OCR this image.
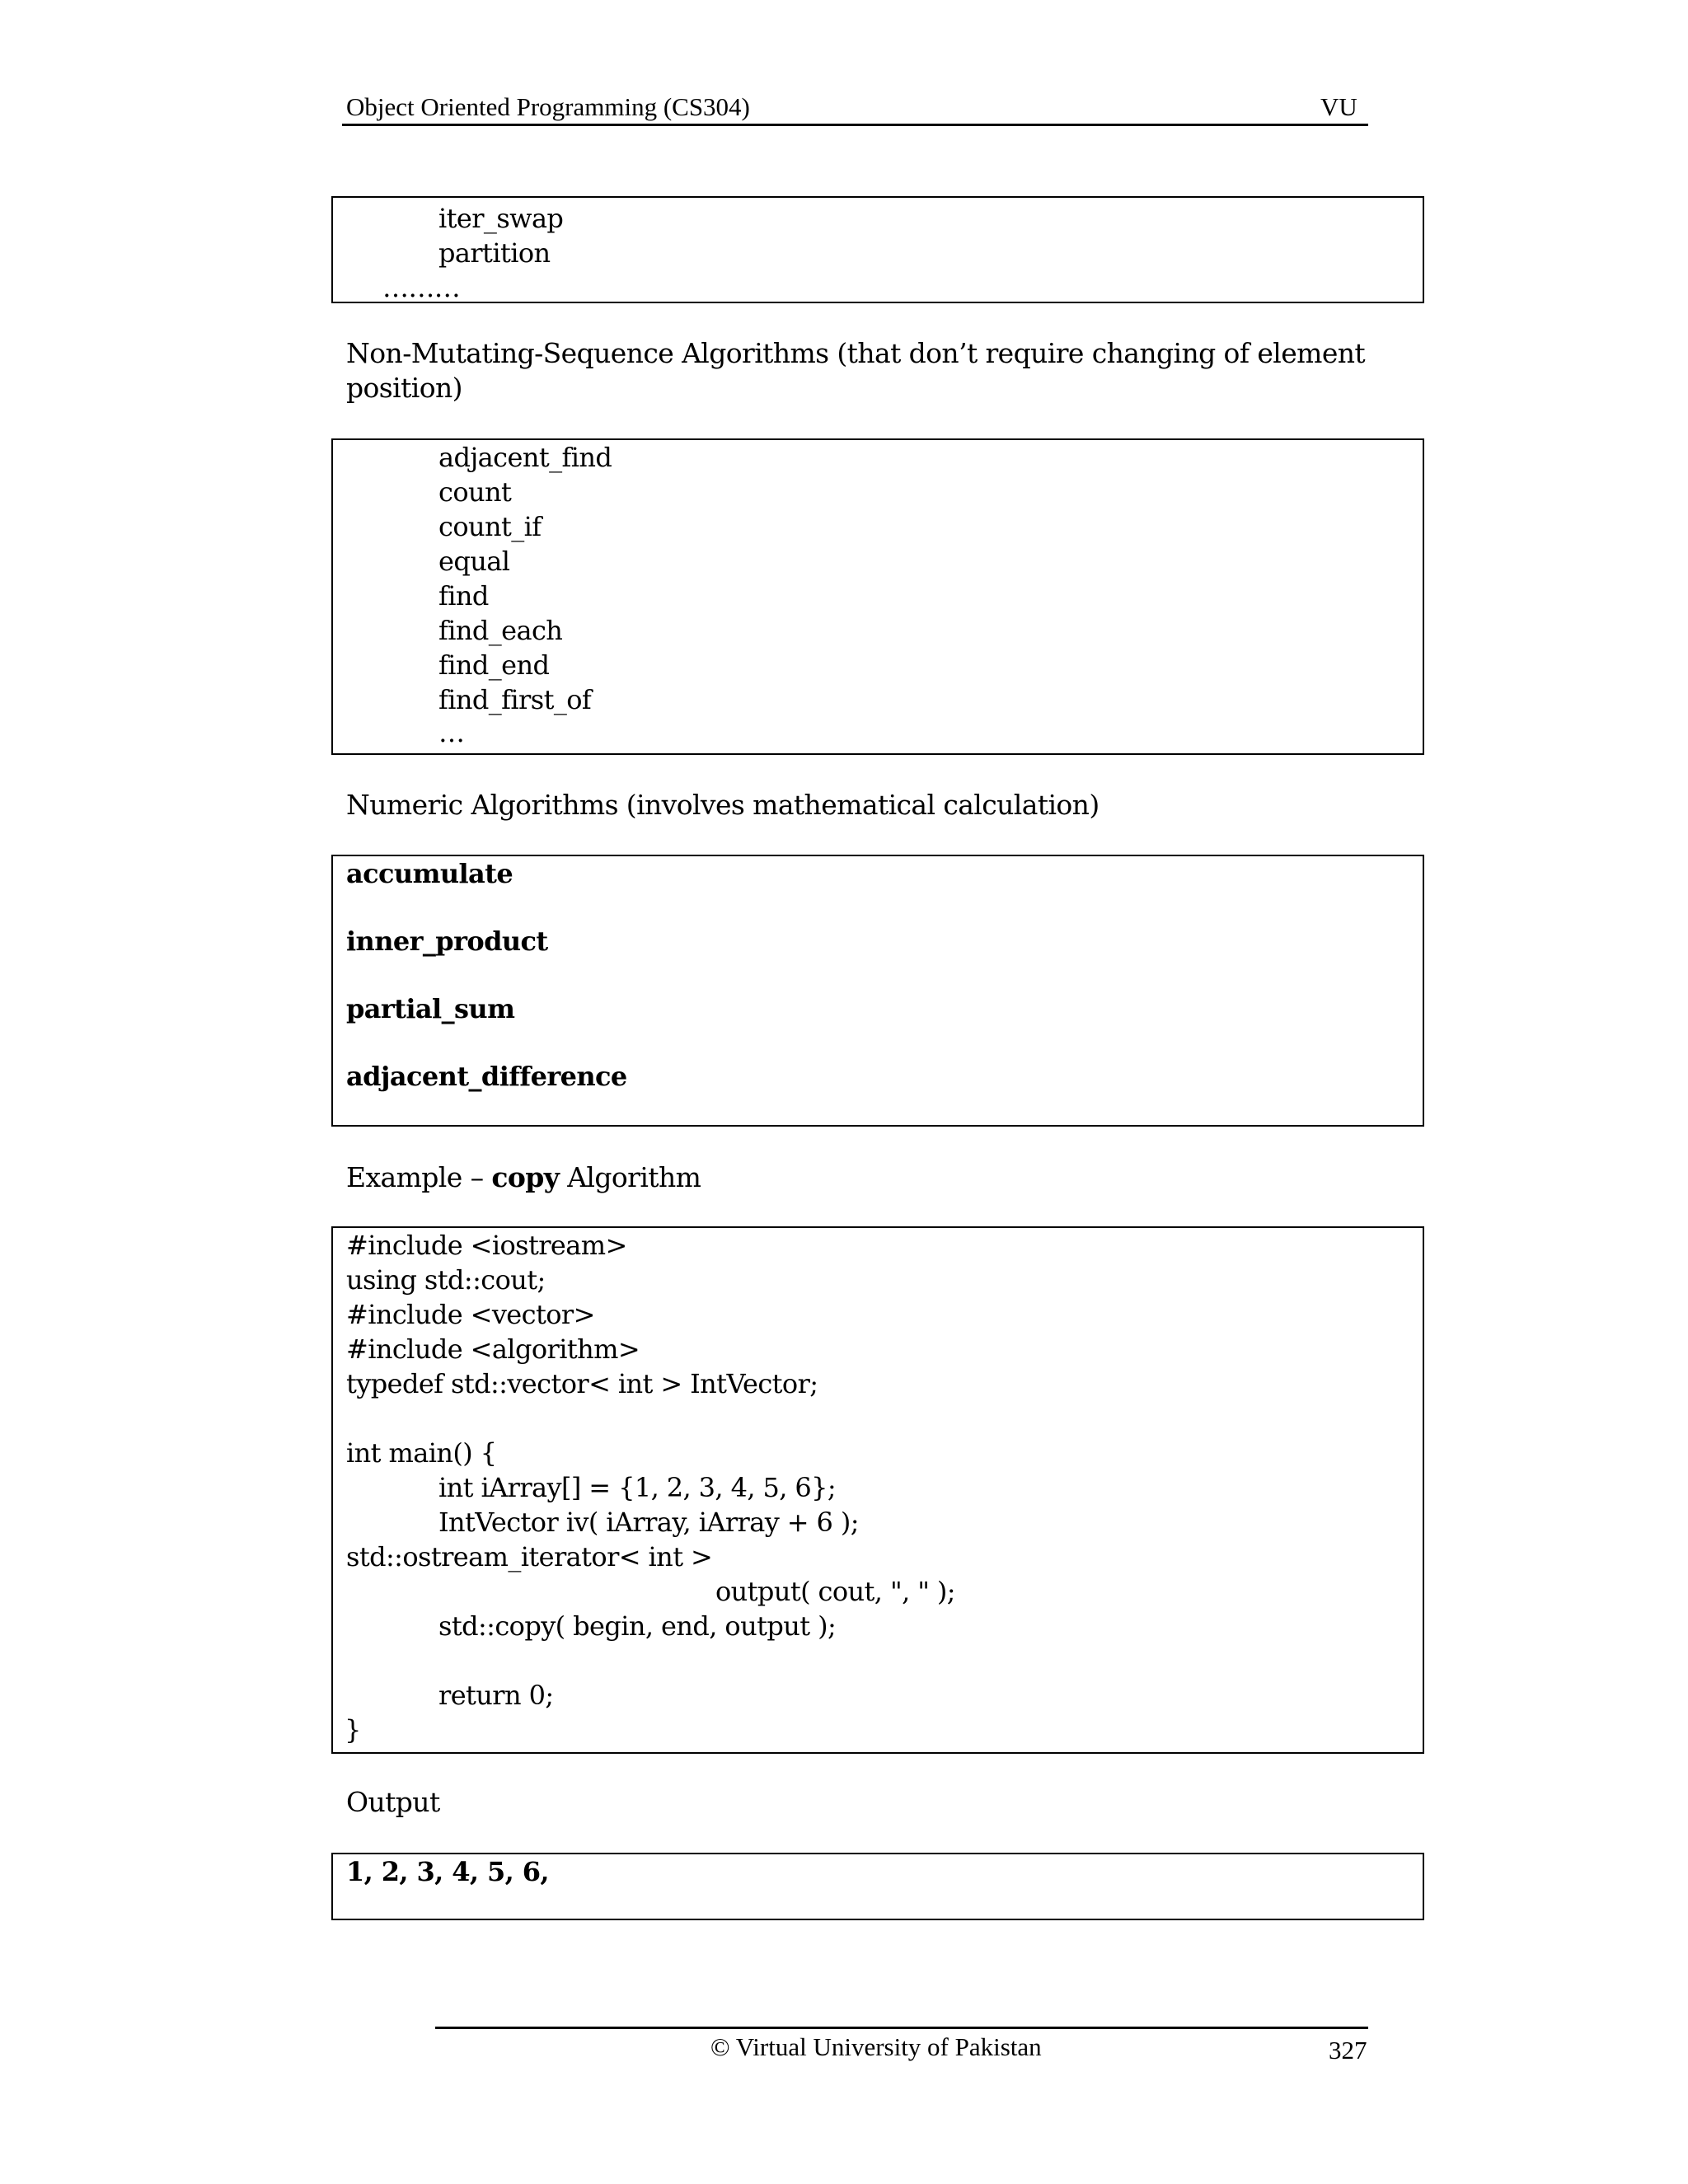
Object Oriented Programming (CS304)	VU
iter_swap
partition
………
Non-Mutating-Sequence Algorithms (that don’t require changing of element
position)
adjacent_find
count
count_if
equal
find
find_each
find_end
find_first_of
…
Numeric Algorithms (involves mathematical calculation)
accumulate
inner_product
partial_sum
adjacent_difference
Example – copy Algorithm
#include <iostream>
using std::cout;
#include <vector>
#include <algorithm>
typedef std::vector< int > IntVector;
int main() {
int iArray[] = {1, 2, 3, 4, 5, 6};
IntVector iv( iArray, iArray + 6 );
std::ostream_iterator< int >
output( cout, ", " );
std::copy( begin, end, output );
return 0;
}
Output
1, 2, 3, 4, 5, 6,
© Virtual University of Pakistan	327
